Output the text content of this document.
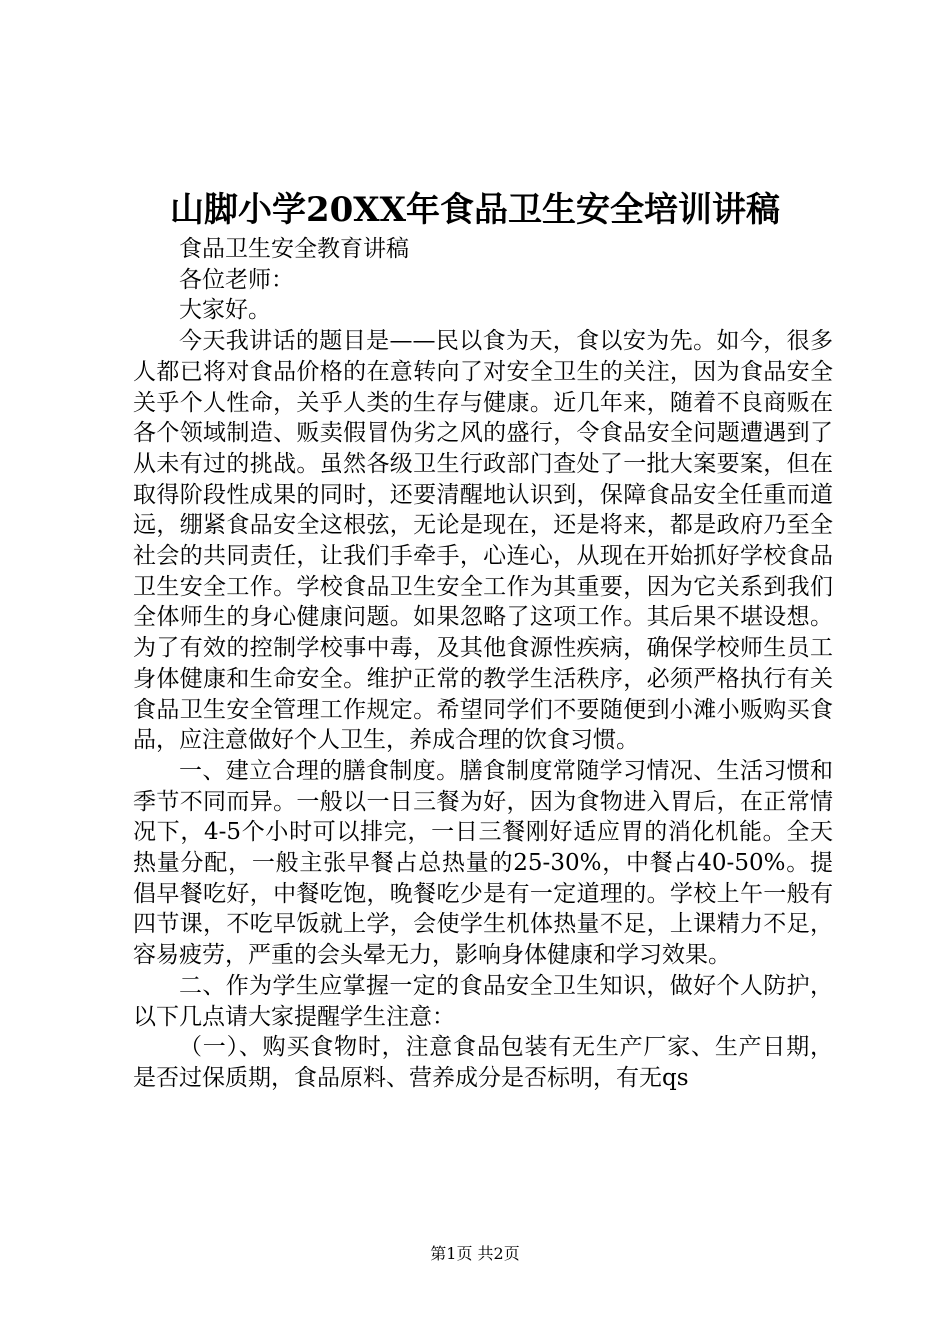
山脚小学20XX年食品卫生安全培训讲稿

食品卫生安全教育讲稿

各位老师：

大家好。

今天我讲话的题目是——民以食为天，食以安为先。如今，很多人都已将对食品价格的在意转向了对安全卫生的关注，因为食品安全关乎个人性命，关乎人类的生存与健康。近几年来，随着不良商贩在各个领域制造、贩卖假冒伪劣之风的盛行，令食品安全问题遭遇到了从未有过的挑战。虽然各级卫生行政部门查处了一批大案要案，但在取得阶段性成果的同时，还要清醒地认识到，保障食品安全任重而道远，绷紧食品安全这根弦，无论是现在，还是将来，都是政府乃至全社会的共同责任，让我们手牵手，心连心，从现在开始抓好学校食品卫生安全工作。学校食品卫生安全工作为其重要，因为它关系到我们全体师生的身心健康问题。如果忽略了这项工作。其后果不堪设想。为了有效的控制学校事中毒，及其他食源性疾病，确保学校师生员工身体健康和生命安全。维护正常的教学生活秩序，必须严格执行有关食品卫生安全管理工作规定。希望同学们不要随便到小滩小贩购买食品，应注意做好个人卫生，养成合理的饮食习惯。

一、建立合理的膳食制度。膳食制度常随学习情况、生活习惯和季节不同而异。一般以一日三餐为好，因为食物进入胃后，在正常情况下，4-5个小时可以排完，一日三餐刚好适应胃的消化机能。全天热量分配，一般主张早餐占总热量的25-30%，中餐占40-50%。提倡早餐吃好，中餐吃饱，晚餐吃少是有一定道理的。学校上午一般有四节课，不吃早饭就上学，会使学生机体热量不足，上课精力不足，容易疲劳，严重的会头晕无力，影响身体健康和学习效果。

二、作为学生应掌握一定的食品安全卫生知识，做好个人防护，以下几点请大家提醒学生注意：

（一）、购买食物时，注意食品包装有无生产厂家、生产日期，是否过保质期，食品原料、营养成分是否标明，有无qs

第1页 共2页
